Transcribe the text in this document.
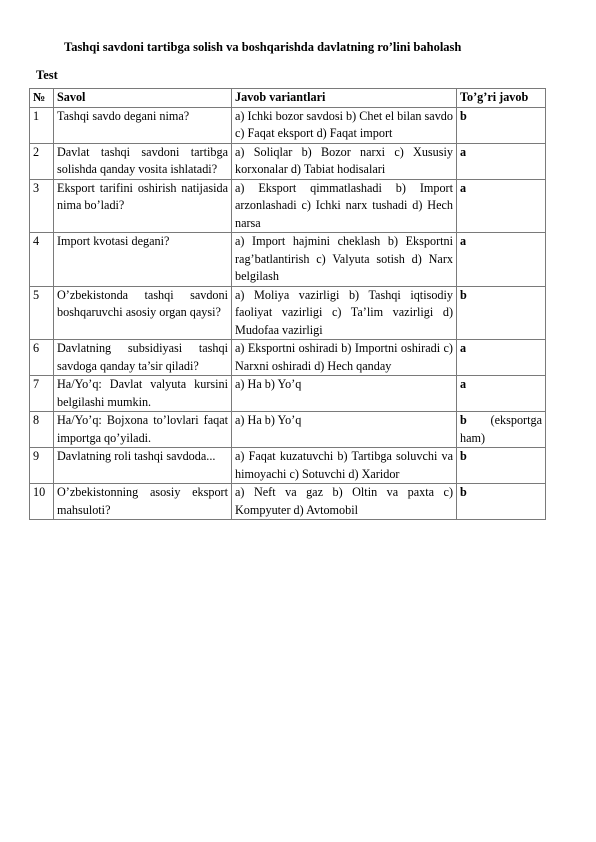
Tashqi savdoni tartibga solish va boshqarishda davlatning ro’lini baholash
Test
№	Savol	Javob variantlari	To’g’ri javob
1	Tashqi savdo degani nima?	a) Ichki bozor savdosi b) Chet el bilan savdo c) Faqat eksport d) Faqat import	b
2	Davlat tashqi savdoni tartibga solishda qanday vosita ishlatadi?	a) Soliqlar b) Bozor narxi c) Xususiy korxonalar d) Tabiat hodisalari	a
3	Eksport tarifini oshirish natijasida nima bo’ladi?	a) Eksport qimmatlashadi b) Import arzonlashadi c) Ichki narx tushadi d) Hech narsa	a
4	Import kvotasi degani?	a) Import hajmini cheklash b) Eksportni rag’batlantirish c) Valyuta sotish d) Narx belgilash	a
5	O’zbekistonda tashqi savdoni boshqaruvchi asosiy organ qaysi?	a) Moliya vazirligi b) Tashqi iqtisodiy faoliyat vazirligi c) Ta’lim vazirligi d) Mudofaa vazirligi	b
6	Davlatning subsidiyasi tashqi savdoga qanday ta’sir qiladi?	a) Eksportni oshiradi b) Importni oshiradi c) Narxni oshiradi d) Hech qanday	a
7	Ha/Yo’q: Davlat valyuta kursini belgilashi mumkin.	a) Ha b) Yo’q	a
8	Ha/Yo’q: Bojxona to’lovlari faqat importga qo’yiladi.	a) Ha b) Yo’q	b (eksportga ham)
9	Davlatning roli tashqi savdoda...	a) Faqat kuzatuvchi b) Tartibga soluvchi va himoyachi c) Sotuvchi d) Xaridor	b
10	O’zbekistonning asosiy eksport mahsuloti?	a) Neft va gaz b) Oltin va paxta c) Kompyuter d) Avtomobil	b
